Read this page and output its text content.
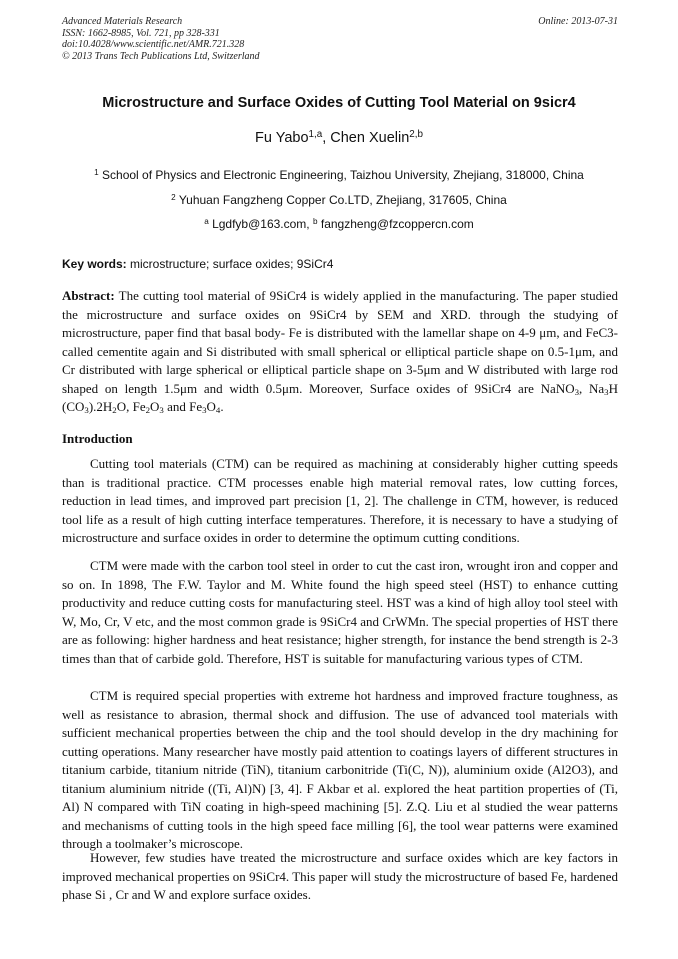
Advanced Materials Research
ISSN: 1662-8985, Vol. 721, pp 328-331
doi:10.4028/www.scientific.net/AMR.721.328
© 2013 Trans Tech Publications Ltd, Switzerland
Online: 2013-07-31
Microstructure and Surface Oxides of Cutting Tool Material on 9sicr4
Fu Yabo$^{1,a}$, Chen Xuelin$^{2,b}$
$^1$ School of Physics and Electronic Engineering, Taizhou University, Zhejiang, 318000, China
$^2$ Yuhuan Fangzheng Copper Co.LTD, Zhejiang, 317605, China
$^a$ Lgdfyb@163.com, $^b$ fangzheng@fzcoppercn.com
Key words: microstructure; surface oxides; 9SiCr4
Abstract: The cutting tool material of 9SiCr4 is widely applied in the manufacturing. The paper studied the microstructure and surface oxides on 9SiCr4 by SEM and XRD. through the studying of microstructure, paper find that basal body- Fe is distributed with the lamellar shape on 4-9 μm, and FeC3- called cementite again and Si distributed with small spherical or elliptical particle shape on 0.5-1μm, and Cr distributed with large spherical or elliptical particle shape on 3-5μm and W distributed with large rod shaped on length 1.5μm and width 0.5μm. Moreover, Surface oxides of 9SiCr4 are NaNO$_3$, $Na_3H$ $(CO_3).2H_2O$, $Fe_2O_3$ and $Fe_3O_4$.
Introduction

Cutting tool materials (CTM) can be required as machining at considerably higher cutting speeds than is traditional practice. CTM processes enable high material removal rates, low cutting forces, reduction in lead times, and improved part precision [1, 2]. The challenge in CTM, however, is reduced tool life as a result of high cutting interface temperatures. Therefore, it is necessary to have a studying of microstructure and surface oxides in order to determine the optimum cutting conditions.

CTM were made with the carbon tool steel in order to cut the cast iron, wrought iron and copper and so on. In 1898, The F.W. Taylor and M. White found the high speed steel (HST) to enhance cutting productivity and reduce cutting costs for manufacturing steel. HST was a kind of high alloy tool steel with W, Mo, Cr, V etc, and the most common grade is 9SiCr4 and CrWMn. The special properties of HST there are as following: higher hardness and heat resistance; higher strength, for instance the bend strength is 2-3 times than that of carbide gold. Therefore, HST is suitable for manufacturing various types of CTM.

CTM is required special properties with extreme hot hardness and improved fracture toughness, as well as resistance to abrasion, thermal shock and diffusion. The use of advanced tool materials with sufficient mechanical properties between the chip and the tool should develop in the dry machining for cutting operations. Many researcher have mostly paid attention to coatings layers of different structures in titanium carbide, titanium nitride (TiN), titanium carbonitride (Ti(C, N)), aluminium oxide (Al2O3), and titanium aluminium nitride ((Ti, Al)N) [3, 4]. F Akbar et al. explored the heat partition properties of (Ti, Al) N compared with TiN coating in high-speed machining [5]. Z.Q. Liu et al studied the wear patterns and mechanisms of cutting tools in the high speed face milling [6], the tool wear patterns were examined through a toolmaker’s microscope.

However, few studies have treated the microstructure and surface oxides which are key factors in improved mechanical properties on 9SiCr4. This paper will study the microstructure of based Fe, hardened phase Si , Cr and W and explore surface oxides.
